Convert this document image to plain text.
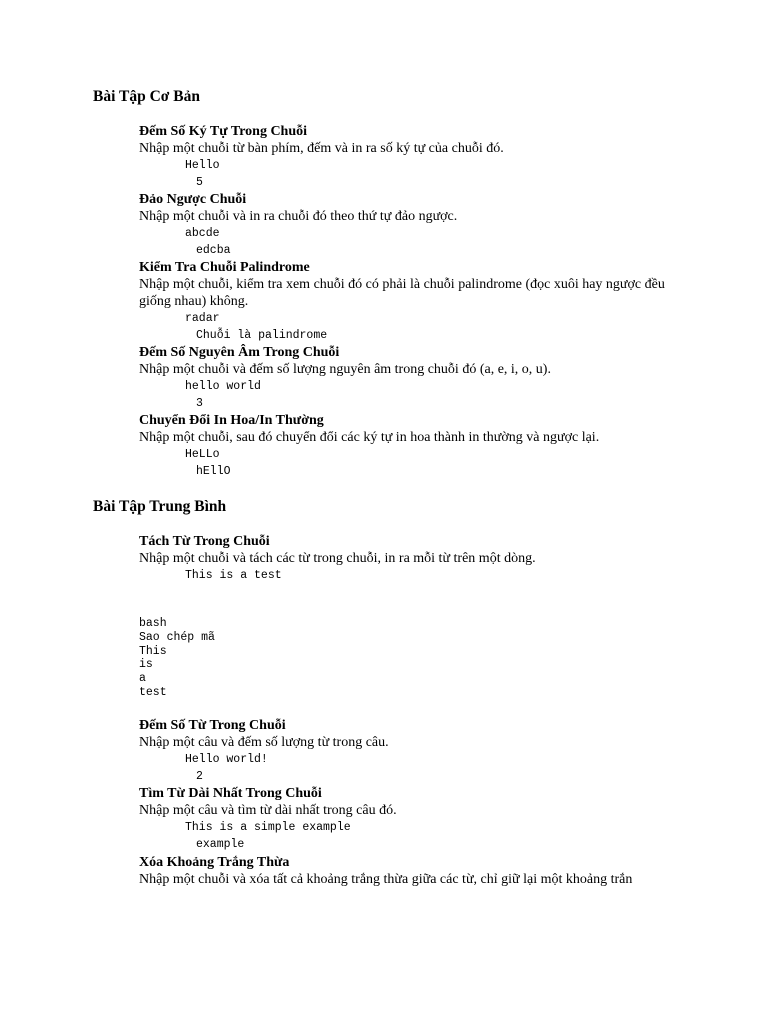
Bài Tập Cơ Bản

Đếm Số Ký Tự Trong Chuỗi

Nhập một chuỗi từ bàn phím, đếm và in ra số ký tự của chuỗi đó.

Hello

5

Đảo Ngược Chuỗi

Nhập một chuỗi và in ra chuỗi đó theo thứ tự đảo ngược.

abcde

edcba

Kiểm Tra Chuỗi Palindrome

Nhập một chuỗi, kiểm tra xem chuỗi đó có phải là chuỗi palindrome (đọc xuôi hay ngược đều giống nhau) không.

radar

Chuỗi là palindrome

Đếm Số Nguyên Âm Trong Chuỗi

Nhập một chuỗi và đếm số lượng nguyên âm trong chuỗi đó (a, e, i, o, u).

hello world

3

Chuyển Đổi In Hoa/In Thường

Nhập một chuỗi, sau đó chuyển đổi các ký tự in hoa thành in thường và ngược lại.

HeLLo

hEllO

Bài Tập Trung Bình

Tách Từ Trong Chuỗi

Nhập một chuỗi và tách các từ trong chuỗi, in ra mỗi từ trên một dòng.

This is a test

bash

Sao chép mã

This

is

a

test

Đếm Số Từ Trong Chuỗi

Nhập một câu và đếm số lượng từ trong câu.

Hello world!

2

Tìm Từ Dài Nhất Trong Chuỗi

Nhập một câu và tìm từ dài nhất trong câu đó.

This is a simple example

example

Xóa Khoảng Trắng Thừa

Nhập một chuỗi và xóa tất cả khoảng trắng thừa giữa các từ, chỉ giữ lại một khoảng trắn
